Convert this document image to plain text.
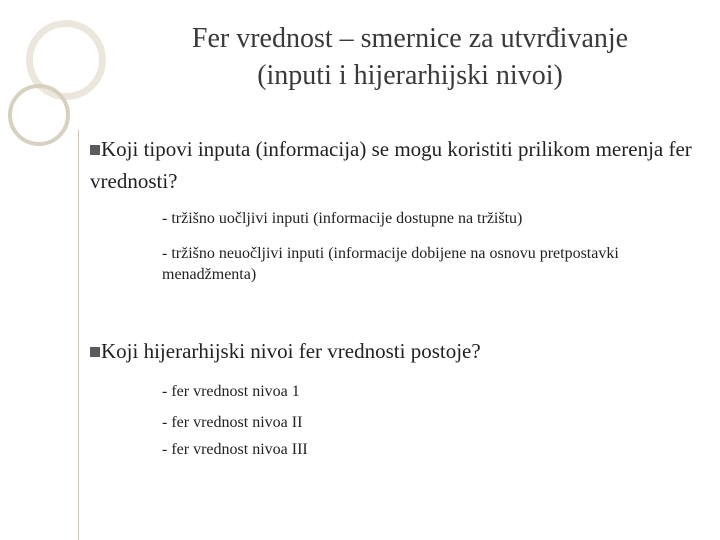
Fer vrednost – smernice za utvrđivanje
(inputi i hijerarhijski nivoi)
Koji tipovi inputa (informacija) se mogu koristiti prilikom merenja fer vrednosti?
- tržišno uočljivi inputi (informacije dostupne na tržištu)
- tržišno neuočljivi inputi (informacije dobijene na osnovu pretpostavki menadžmenta)
Koji hijerarhijski nivoi fer vrednosti postoje?
- fer vrednost nivoa 1
- fer vrednost nivoa II
- fer vrednost nivoa III
